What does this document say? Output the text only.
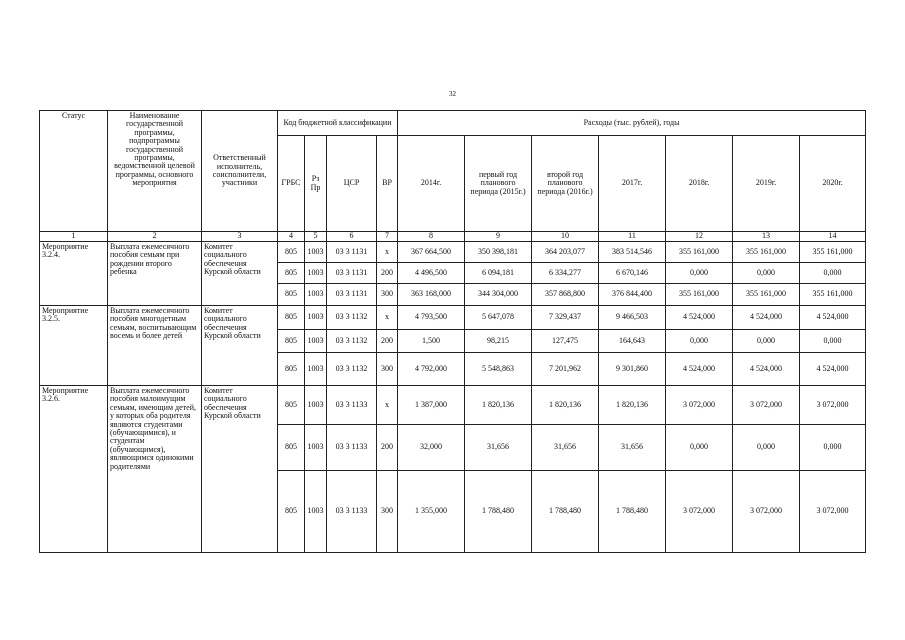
32
Статус	Наименование государственной программы, подпрограммы государственной программы, ведомственной целевой программы, основного мероприятия	Ответственный исполнитель, соисполнители, участники	Код бюджетной классификации				Расходы (тыс. рублей), годы						
			ГРБС	Рз Пр	ЦСР	ВР	2014г.	первый год планового периода (2015г.)	второй год планового периода (2016г.)	2017г.	2018г.	2019г.	2020г.
1	2	3	4	5	6	7	8	9	10	11	12	13	14
Мероприятие 3.2.4.	Выплата ежемесячного пособия семьям при рождении второго ребенка	Комитет социального обеспечения Курской области	805	1003	03 3 1131	х	367 664,500	350 398,181	364 203,077	383 514,546	355 161,000	355 161,000	355 161,000
			805	1003	03 3 1131	200	4 496,500	6 094,181	6 334,277	6 670,146	0,000	0,000	0,000
			805	1003	03 3 1131	300	363 168,000	344 304,000	357 868,800	376 844,400	355 161,000	355 161,000	355 161,000
Мероприятие 3.2.5.	Выплата ежемесячного пособия многодетным семьям, воспитывающим восемь и более детей	Комитет социального обеспечения Курской области	805	1003	03 3 1132	х	4 793,500	5 647,078	7 329,437	9 466,503	4 524,000	4 524,000	4 524,000
			805	1003	03 3 1132	200	1,500	98,215	127,475	164,643	0,000	0,000	0,000
			805	1003	03 3 1132	300	4 792,000	5 548,863	7 201,962	9 301,860	4 524,000	4 524,000	4 524,000
Мероприятие 3.2.6.	Выплата ежемесячного пособия малоимущим семьям, имеющим детей, у которых оба родителя являются студентами (обучающимися), и студентам (обучающимся), являющимся одинокими родителями	Комитет социального обеспечения Курской области	805	1003	03 3 1133	х	1 387,000	1 820,136	1 820,136	1 820,136	3 072,000	3 072,000	3 072,000
			805	1003	03 3 1133	200	32,000	31,656	31,656	31,656	0,000	0,000	0,000
			805	1003	03 3 1133	300	1 355,000	1 788,480	1 788,480	1 788,480	3 072,000	3 072,000	3 072,000
